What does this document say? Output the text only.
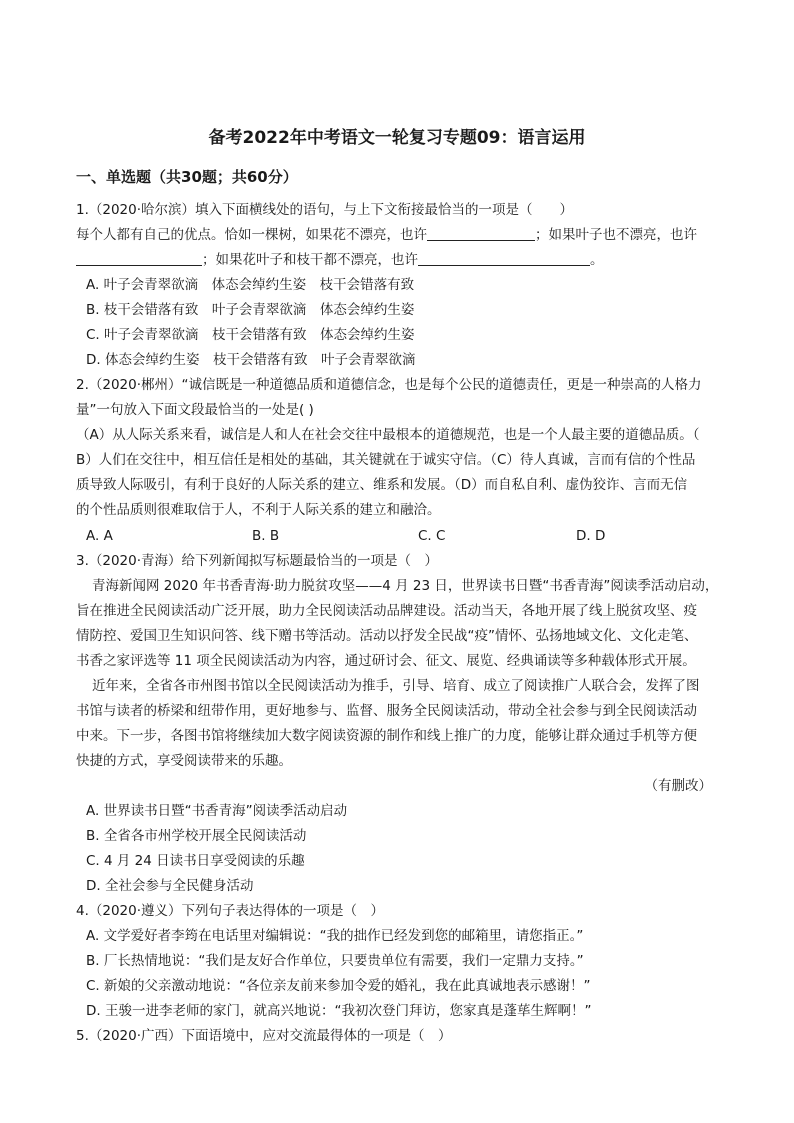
备考2022年中考语文一轮复习专题09：语言运用
一、单选题（共30题；共60分）
1.（2020·哈尔滨）填入下面横线处的语句，与上下文衔接最恰当的一项是（　　）
每个人都有自己的优点。恰如一棵树，如果花不漂亮，也许	；如果叶子也不漂亮，也许
；如果花叶子和枝干都不漂亮，也许	。
A. 叶子会青翠欲滴　体态会绰约生姿　枝干会错落有致
B. 枝干会错落有致　叶子会青翠欲滴　体态会绰约生姿
C. 叶子会青翠欲滴　枝干会错落有致　体态会绰约生姿
D. 体态会绰约生姿　枝干会错落有致　叶子会青翠欲滴
2.（2020·郴州）“诚信既是一种道德品质和道德信念，也是每个公民的道德责任，更是一种崇高的人格力
量”一句放入下面文段最恰当的一处是( )
（A）从人际关系来看，诚信是人和人在社会交往中最根本的道德规范，也是一个人最主要的道德品质。（
B）人们在交往中，相互信任是相处的基础，其关键就在于诚实守信。（C）待人真诚，言而有信的个性品
质导致人际吸引，有利于良好的人际关系的建立、维系和发展。（D）而自私自利、虚伪狡诈、言而无信
的个性品质则很难取信于人，不利于人际关系的建立和融洽。
A. A	B. B	C. C	D. D
3.（2020·青海）给下列新闻拟写标题最恰当的一项是（　）
青海新闻网 2020 年书香青海·助力脱贫攻坚——4 月 23 日，世界读书日暨“书香青海”阅读季活动启动，
旨在推进全民阅读活动广泛开展，助力全民阅读活动品牌建设。活动当天，各地开展了线上脱贫攻坚、疫
情防控、爱国卫生知识问答、线下赠书等活动。活动以抒发全民战“疫”情怀、弘扬地域文化、文化走笔、
书香之家评选等 11 项全民阅读活动为内容，通过研讨会、征文、展览、经典诵读等多种载体形式开展。
近年来，全省各市州图书馆以全民阅读活动为推手，引导、培育、成立了阅读推广人联合会，发挥了图
书馆与读者的桥梁和纽带作用，更好地参与、监督、服务全民阅读活动，带动全社会参与到全民阅读活动
中来。下一步，各图书馆将继续加大数字阅读资源的制作和线上推广的力度，能够让群众通过手机等方便
快捷的方式，享受阅读带来的乐趣。
（有删改）
A. 世界读书日暨“书香青海”阅读季活动启动
B. 全省各市州学校开展全民阅读活动
C. 4 月 24 日读书日享受阅读的乐趣
D. 全社会参与全民健身活动
4.（2020·遵义）下列句子表达得体的一项是（　）
A. 文学爱好者李筠在电话里对编辑说：“我的拙作已经发到您的邮箱里，请您指正。”
B. 厂长热情地说：“我们是友好合作单位，只要贵单位有需要，我们一定鼎力支持。”
C. 新娘的父亲激动地说：“各位亲友前来参加令爱的婚礼，我在此真诚地表示感谢！”
D. 王骏一进李老师的家门，就高兴地说：“我初次登门拜访，您家真是蓬荜生辉啊！”
5.（2020·广西）下面语境中，应对交流最得体的一项是（　）
